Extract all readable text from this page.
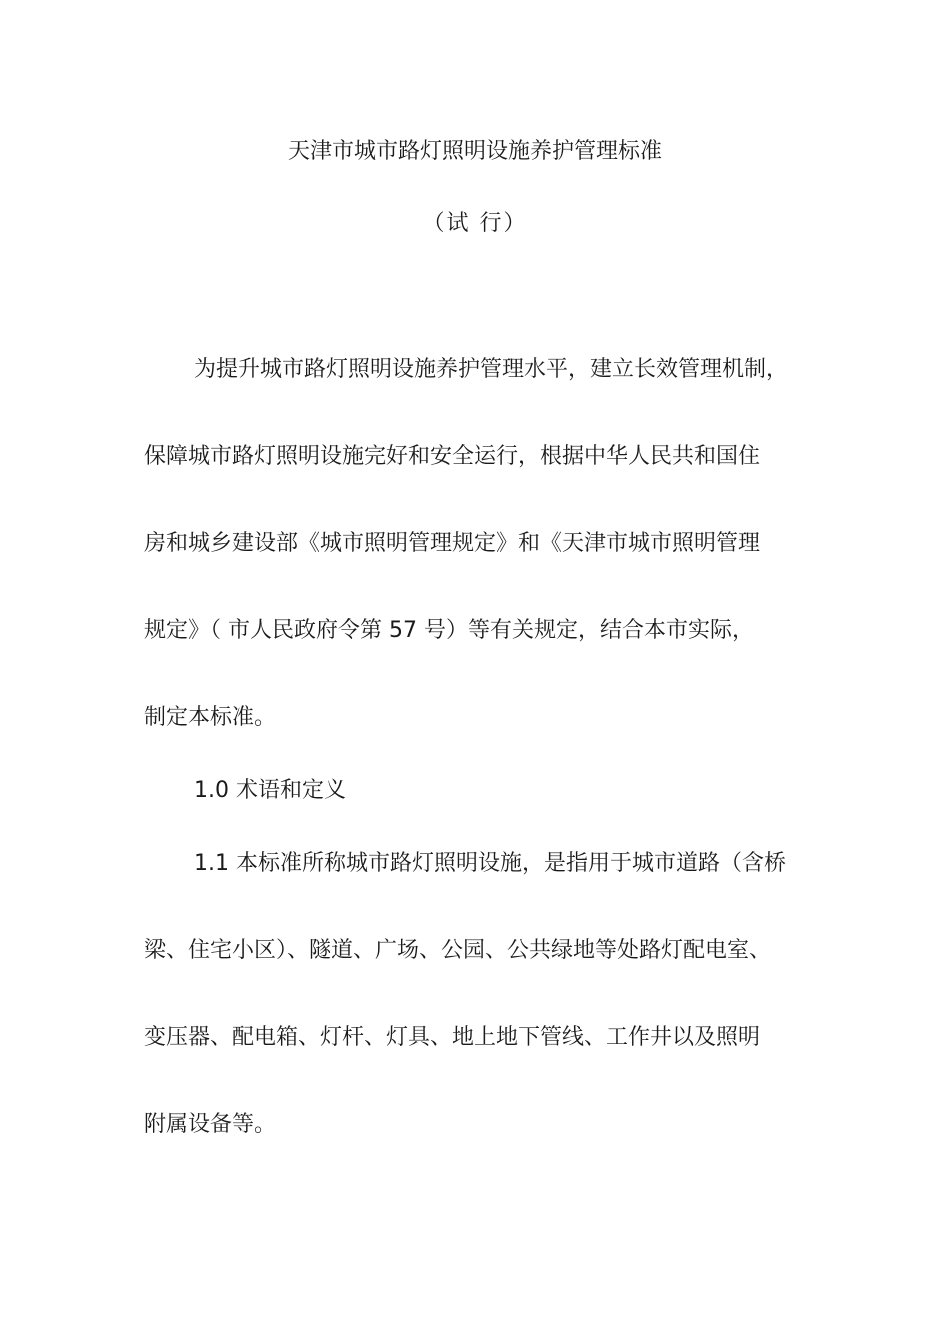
天津市城市路灯照明设施养护管理标准
（试 行）

为提升城市路灯照明设施养护管理水平，建立长效管理机制，

保障城市路灯照明设施完好和安全运行，根据中华人民共和国住

房和城乡建设部《城市照明管理规定》和《天津市城市照明管理

规定》（ 市人民政府令第 57 号）等有关规定，结合本市实际，

制定本标准。

1.0 术语和定义

1.1 本标准所称城市路灯照明设施，是指用于城市道路（含桥

梁、住宅小区）、隧道、广场、公园、公共绿地等处路灯配电室、

变压器、配电箱、灯杆、灯具、地上地下管线、工作井以及照明

附属设备等。
